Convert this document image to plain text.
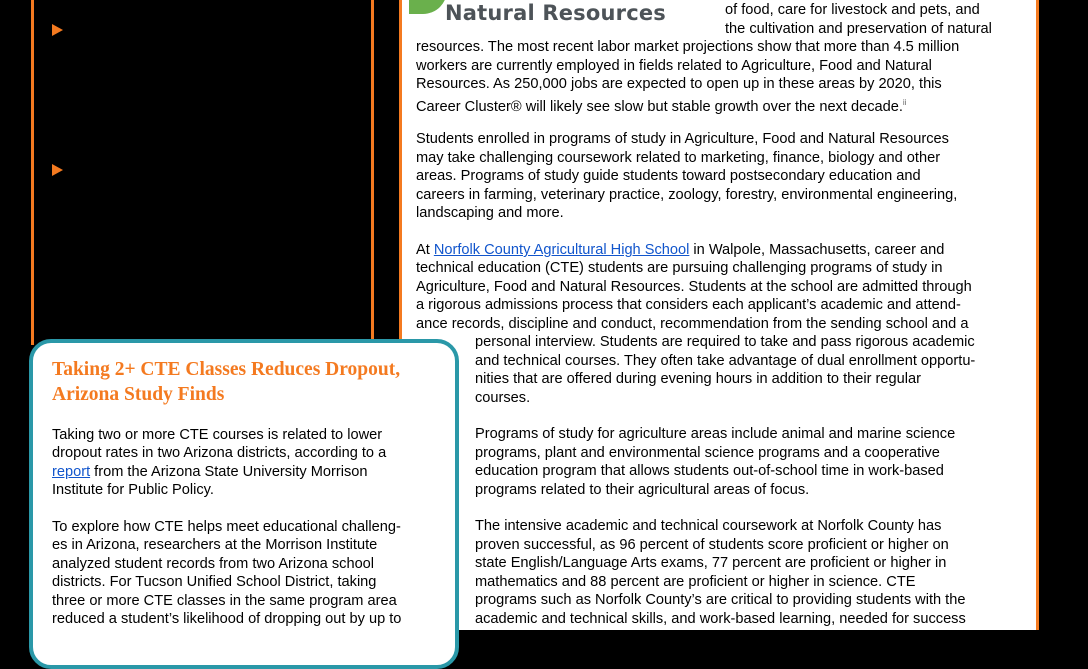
Natural Resources	of food, care for livestock and pets, and
the cultivation and preservation of natural
resources. The most recent labor market projections show that more than 4.5 million
workers are currently employed in fields related to Agriculture, Food and Natural
Resources. As 250,000 jobs are expected to open up in these areas by 2020, this
Career Cluster® will likely see slow but stable growth over the next decade.$^{ii}$
Students enrolled in programs of study in Agriculture, Food and Natural Resources
may take challenging coursework related to marketing, finance, biology and other
areas. Programs of study guide students toward postsecondary education and
careers in farming, veterinary practice, zoology, forestry, environmental engineering,
landscaping and more.
At Norfolk County Agricultural High School in Walpole, Massachusetts, career and
technical education (CTE) students are pursuing challenging programs of study in
Agriculture, Food and Natural Resources. Students at the school are admitted through
a rigorous admissions process that considers each applicant’s academic and attend-
ance records, discipline and conduct, recommendation from the sending school and a
personal interview. Students are required to take and pass rigorous academic
and technical courses. They often take advantage of dual enrollment opportu-
nities that are offered during evening hours in addition to their regular
courses.
Programs of study for agriculture areas include animal and marine science
programs, plant and environmental science programs and a cooperative
education program that allows students out-of-school time in work-based
programs related to their agricultural areas of focus.
The intensive academic and technical coursework at Norfolk County has
proven successful, as 96 percent of students score proficient or higher on
state English/Language Arts exams, 77 percent are proficient or higher in
mathematics and 88 percent are proficient or higher in science. CTE
programs such as Norfolk County’s are critical to providing students with the
academic and technical skills, and work-based learning, needed for success
Taking 2+ CTE Classes Reduces Dropout,
Arizona Study Finds
Taking two or more CTE courses is related to lower
dropout rates in two Arizona districts, according to a
report from the Arizona State University Morrison
Institute for Public Policy.
To explore how CTE helps meet educational challeng-
es in Arizona, researchers at the Morrison Institute
analyzed student records from two Arizona school
districts. For Tucson Unified School District, taking
three or more CTE classes in the same program area
reduced a student’s likelihood of dropping out by up to
